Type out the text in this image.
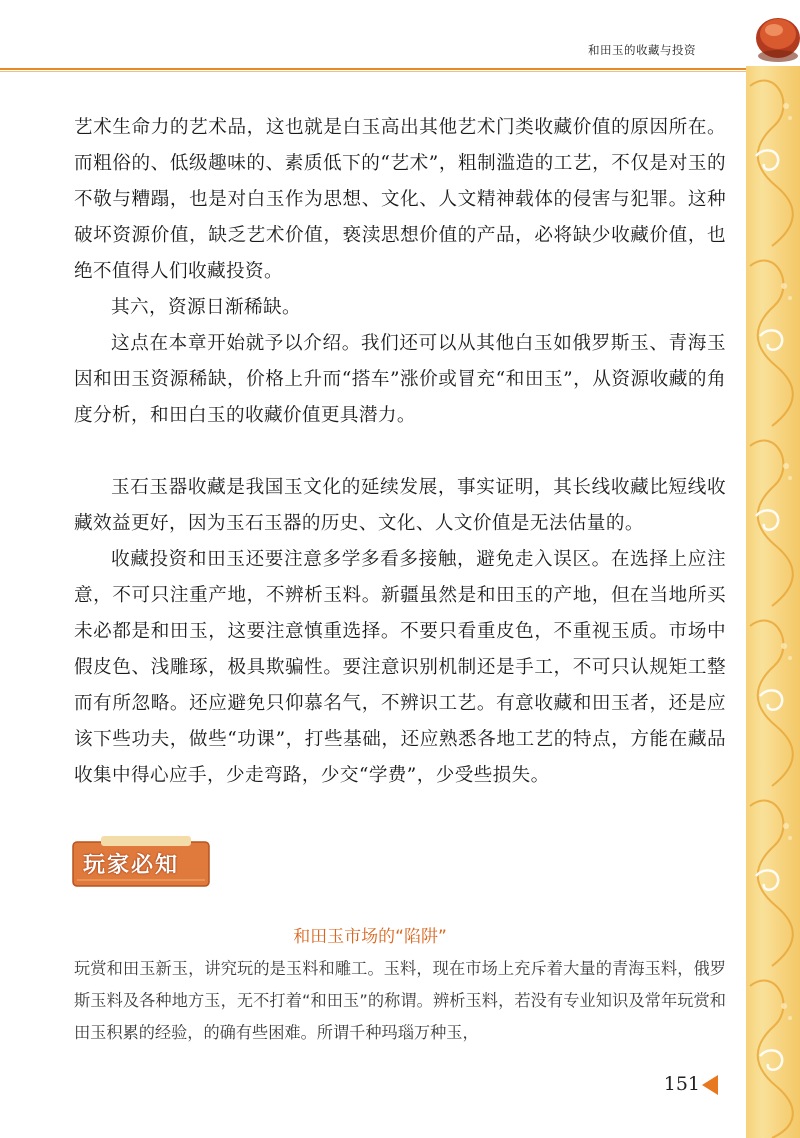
和田玉的收藏与投资

艺术生命力的艺术品，这也就是白玉高出其他艺术门类收藏价值的原因所在。而粗俗的、低级趣味的、素质低下的“艺术”，粗制滥造的工艺，不仅是对玉的不敬与糟蹋，也是对白玉作为思想、文化、人文精神载体的侵害与犯罪。这种破坏资源价值，缺乏艺术价值，亵渎思想价值的产品，必将缺少收藏价值，也绝不值得人们收藏投资。

其六，资源日渐稀缺。

这点在本章开始就予以介绍。我们还可以从其他白玉如俄罗斯玉、青海玉因和田玉资源稀缺，价格上升而“搭车”涨价或冒充“和田玉”，从资源收藏的角度分析，和田白玉的收藏价值更具潜力。

玉石玉器收藏是我国玉文化的延续发展，事实证明，其长线收藏比短线收藏效益更好，因为玉石玉器的历史、文化、人文价值是无法估量的。

收藏投资和田玉还要注意多学多看多接触，避免走入误区。在选择上应注意，不可只注重产地，不辨析玉料。新疆虽然是和田玉的产地，但在当地所买未必都是和田玉，这要注意慎重选择。不要只看重皮色，不重视玉质。市场中假皮色、浅雕琢，极具欺骗性。要注意识别机制还是手工，不可只认规矩工整而有所忽略。还应避免只仰慕名气，不辨识工艺。有意收藏和田玉者，还是应该下些功夫，做些“功课”，打些基础，还应熟悉各地工艺的特点，方能在藏品收集中得心应手，少走弯路，少交“学费”，少受些损失。

玩家必知
和田玉市场的“陷阱”

玩赏和田玉新玉，讲究玩的是玉料和雕工。玉料，现在市场上充斥着大量的青海玉料，俄罗斯玉料及各种地方玉，无不打着“和田玉”的称谓。辨析玉料，若没有专业知识及常年玩赏和田玉积累的经验，的确有些困难。所谓千种玛瑙万种玉，

151
